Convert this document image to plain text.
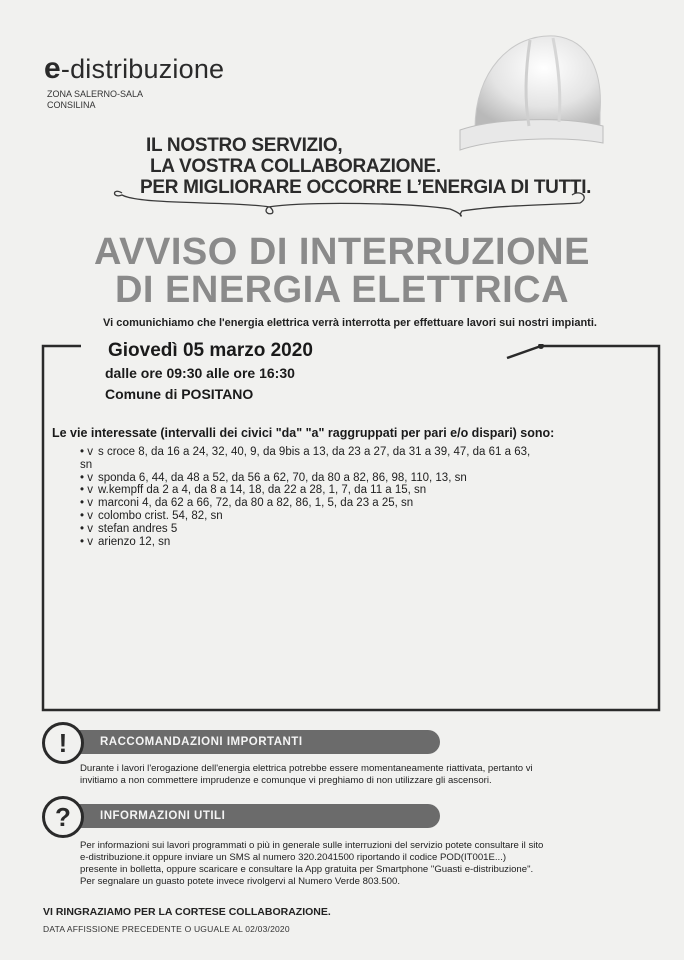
e-distribuzione
ZONA SALERNO-SALA
CONSILINA
IL NOSTRO SERVIZIO,
LA VOSTRA COLLABORAZIONE.
PER MIGLIORARE OCCORRE L’ENERGIA DI TUTTI.
AVVISO DI INTERRUZIONE
DI ENERGIA ELETTRICA
Vi comunichiamo che l'energia elettrica verrà interrotta per effettuare lavori sui nostri impianti.
Giovedì 05 marzo 2020
dalle ore 09:30 alle ore 16:30
Comune di POSITANO
Le vie interessate (intervalli dei civici "da" "a" raggruppati per pari e/o dispari) sono:
• v s croce 8, da 16 a 24, 32, 40, 9, da 9bis a 13, da 23 a 27, da 31 a 39, 47, da 61 a 63,
sn
• v sponda 6, 44, da 48 a 52, da 56 a 62, 70, da 80 a 82, 86, 98, 110, 13, sn
• v w.kempff da 2 a 4, da 8 a 14, 18, da 22 a 28, 1, 7, da 11 a 15, sn
• v marconi 4, da 62 a 66, 72, da 80 a 82, 86, 1, 5, da 23 a 25, sn
• v colombo crist. 54, 82, sn
• v stefan andres 5
• v arienzo 12, sn
RACCOMANDAZIONI IMPORTANTI
!
Durante i lavori l'erogazione dell'energia elettrica potrebbe essere momentaneamente riattivata, pertanto vi
invitiamo a non commettere imprudenze e comunque vi preghiamo di non utilizzare gli ascensori.
INFORMAZIONI UTILI
?
Per informazioni sui lavori programmati o più in generale sulle interruzioni del servizio potete consultare il sito
e-distribuzione.it oppure inviare un SMS al numero 320.2041500 riportando il codice POD(IT001E...)
presente in bolletta, oppure scaricare e consultare la App gratuita per Smartphone "Guasti e-distribuzione".
Per segnalare un guasto potete invece rivolgervi al Numero Verde 803.500.
VI RINGRAZIAMO PER LA CORTESE COLLABORAZIONE.
DATA AFFISSIONE PRECEDENTE O UGUALE AL 02/03/2020
